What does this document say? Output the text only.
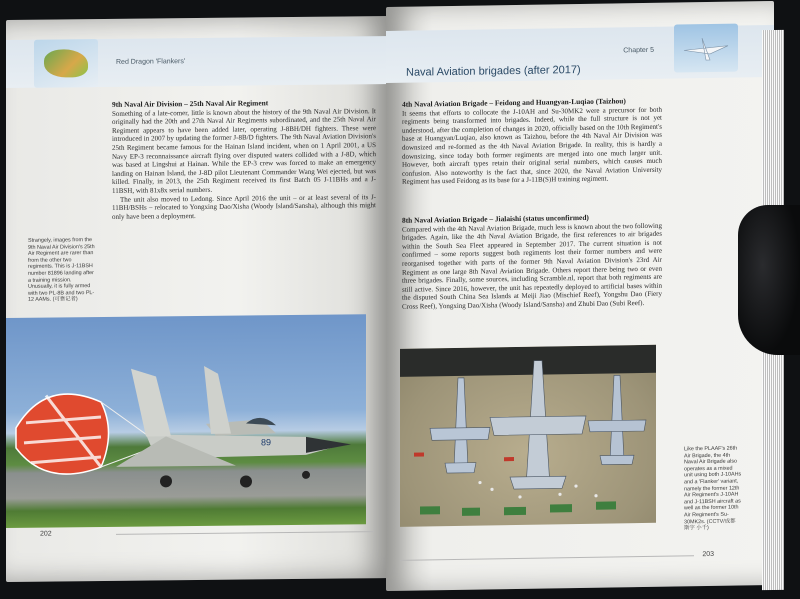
Red Dragon 'Flankers'

9th Naval Air Division – 25th Naval Air Regiment

Something of a late-comer, little is known about the history of the 9th Naval Air Division. It originally had the 20th and 27th Naval Air Regiments subordinated, and the 25th Naval Air Regiment appears to have been added later, operating J-8BH/DH fighters. These were introduced in 2007 by updating the former J-8B/D fighters. The 9th Naval Aviation Division's 25th Regiment became famous for the Hainan Island incident, when on 1 April 2001, a US Navy EP-3 reconnaissance aircraft flying over disputed waters collided with a J-8D, which was based at Lingshui at Hainan. While the EP-3 crew was forced to make an emergency landing on Hainan Island, the J-8D pilot Lieutenant Commander Wang Wei ejected, but was killed. Finally, in 2013, the 25th Regiment received its first Batch 05 J-11BHs and a J-11BSH, with 81x8x serial numbers.

The unit also moved to Ledong. Since April 2016 the unit – or at least several of its J-11BH/BSHs – relocated to Yongxing Dao/Xisha (Woody Island/Sansha), although this might only have been a deployment.

Strangely, images from the 9th Naval Air Division's 25th Air Regiment are rarer than from the other two regiments. This is J-11BSH number 81896 landing after a training mission. Unusually, it is fully armed with two PL-8B and two PL-12 AAMs. (可靠记者)
89
202
Chapter 5
Naval Aviation brigades (after 2017)

4th Naval Aviation Brigade – Feidong and Huangyan-Luqiao (Taizhou)

It seems that efforts to collocate the J-10AH and Su-30MK2 were a precursor for both regiments being transformed into brigades. Indeed, while the full structure is not yet understood, after the completion of changes in 2020, officially based on the 10th Regiment's base at Huangyan/Luqiao, also known as Taizhou, before the 4th Naval Air Division was downsized and re-formed as the 4th Naval Aviation Brigade. In reality, this is hardly a downsizing, since today both former regiments are merged into one much larger unit. However, both aircraft types retain their original serial numbers, which causes much confusion. Also noteworthy is the fact that, since 2020, the Naval Aviation University Regiment has used Feidong as its base for a J-11B(S)H training regiment.

8th Naval Aviation Brigade – Jialaishi (status unconfirmed)

Compared with the 4th Naval Aviation Brigade, much less is known about the two following brigades. Again, like the 4th Naval Aviation Brigade, the first references to air brigades within the South Sea Fleet appeared in September 2017. The current situation is not confirmed – some reports suggest both regiments lost their former numbers and were reorganised together with parts of the former 9th Naval Aviation Division's 23rd Air Regiment as one large 8th Naval Aviation Brigade. Others report there being two or even three brigades. Finally, some sources, including Scramble.nl, report that both regiments are still active. Since 2016, however, the unit has repeatedly deployed to artificial bases within the disputed South China Sea Islands at Meiji Jiao (Mischief Reef), Yongshu Dao (Fiery Cross Reef), Yongxing Dao/Xisha (Woody Island/Sansha) and Zhubi Dao (Subi Reef).

Like the PLAAF's 26th Air Brigade, the 4th Naval Air Brigade also operates as a mixed unit using both J-10AHs and a 'Flanker' variant, namely the former 12th Air Regiment's J-10AH and J-11BSH aircraft as well as the former 10th Air Regiment's Su-30MK2s. (CCTV/成都 斯宇 小千)
203
